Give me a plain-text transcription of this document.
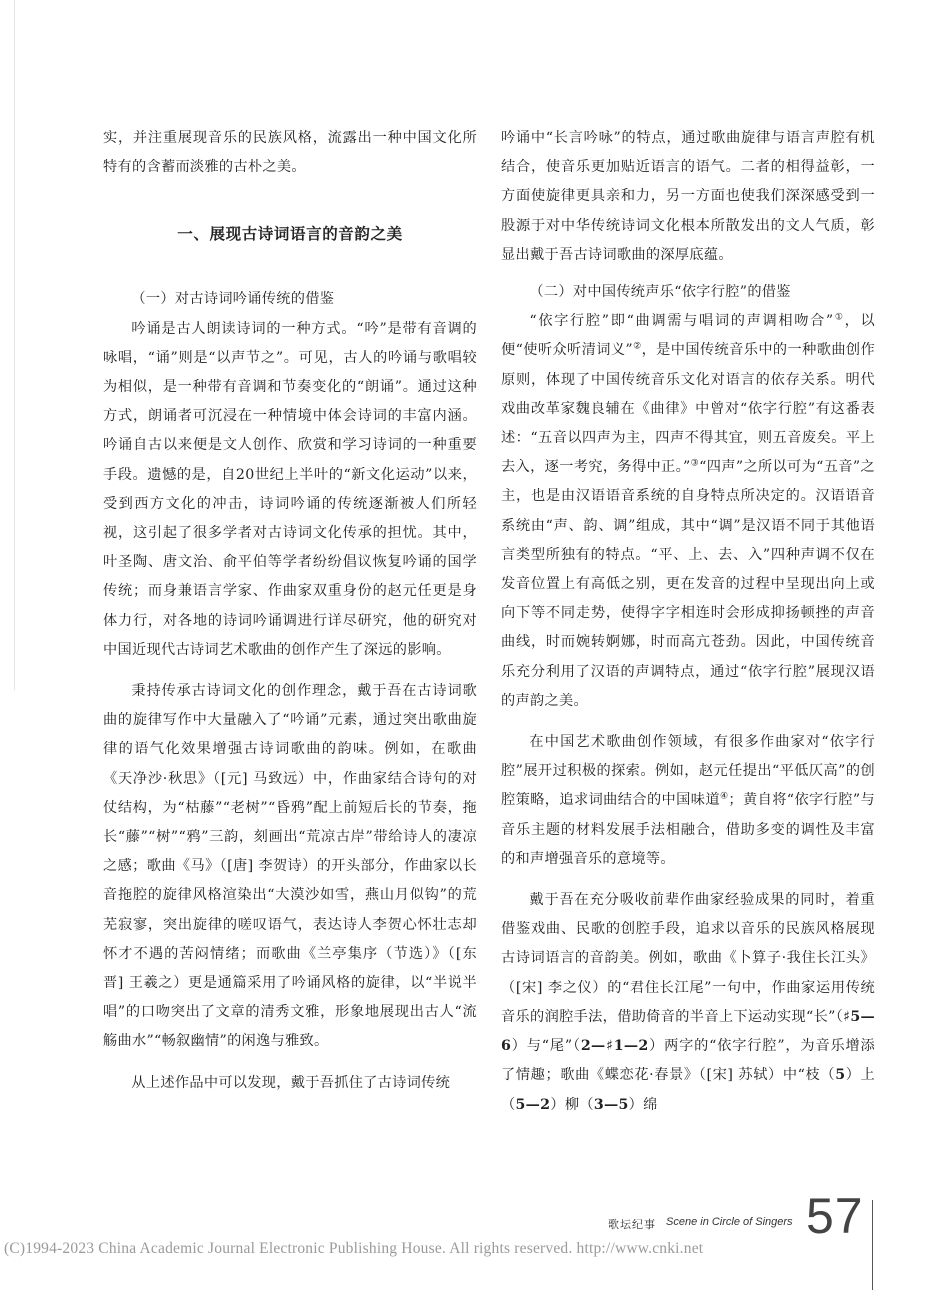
实，并注重展现音乐的民族风格，流露出一种中国文化所特有的含蓄而淡雅的古朴之美。

一、展现古诗词语言的音韵之美
（一）对古诗词吟诵传统的借鉴

吟诵是古人朗读诗词的一种方式。“吟”是带有音调的咏唱，“诵”则是“以声节之”。可见，古人的吟诵与歌唱较为相似，是一种带有音调和节奏变化的“朗诵”。通过这种方式，朗诵者可沉浸在一种情境中体会诗词的丰富内涵。吟诵自古以来便是文人创作、欣赏和学习诗词的一种重要手段。遗憾的是，自20世纪上半叶的“新文化运动”以来，受到西方文化的冲击，诗词吟诵的传统逐渐被人们所轻视，这引起了很多学者对古诗词文化传承的担忧。其中，叶圣陶、唐文治、俞平伯等学者纷纷倡议恢复吟诵的国学传统；而身兼语言学家、作曲家双重身份的赵元任更是身体力行，对各地的诗词吟诵调进行详尽研究，他的研究对中国近现代古诗词艺术歌曲的创作产生了深远的影响。

秉持传承古诗词文化的创作理念，戴于吾在古诗词歌曲的旋律写作中大量融入了“吟诵”元素，通过突出歌曲旋律的语气化效果增强古诗词歌曲的韵味。例如，在歌曲《天净沙·秋思》（[元] 马致远）中，作曲家结合诗句的对仗结构，为“枯藤”“老树”“昏鸦”配上前短后长的节奏，拖长“藤”“树”“鸦”三韵，刻画出“荒凉古岸”带给诗人的凄凉之感；歌曲《马》（[唐] 李贺诗）的开头部分，作曲家以长音拖腔的旋律风格渲染出“大漠沙如雪，燕山月似钩”的荒芜寂寥，突出旋律的嗟叹语气，表达诗人李贺心怀壮志却怀才不遇的苦闷情绪；而歌曲《兰亭集序（节选）》（[东晋] 王羲之）更是通篇采用了吟诵风格的旋律，以“半说半唱”的口吻突出了文章的清秀文雅，形象地展现出古人“流觞曲水”“畅叙幽情”的闲逸与雅致。

从上述作品中可以发现，戴于吾抓住了古诗词传统

吟诵中“长言吟咏”的特点，通过歌曲旋律与语言声腔有机结合，使音乐更加贴近语言的语气。二者的相得益彰，一方面使旋律更具亲和力，另一方面也使我们深深感受到一股源于对中华传统诗词文化根本所散发出的文人气质，彰显出戴于吾古诗词歌曲的深厚底蕴。

（二）对中国传统声乐“依字行腔”的借鉴

“依字行腔”即“曲调需与唱词的声调相吻合”①，以便“使听众听清词义”②，是中国传统音乐中的一种歌曲创作原则，体现了中国传统音乐文化对语言的依存关系。明代戏曲改革家魏良辅在《曲律》中曾对“依字行腔”有这番表述：“五音以四声为主，四声不得其宜，则五音废矣。平上去入，逐一考究，务得中正。”③“四声”之所以可为“五音”之主，也是由汉语语音系统的自身特点所决定的。汉语语音系统由“声、韵、调”组成，其中“调”是汉语不同于其他语言类型所独有的特点。“平、上、去、入”四种声调不仅在发音位置上有高低之别，更在发音的过程中呈现出向上或向下等不同走势，使得字字相连时会形成抑扬顿挫的声音曲线，时而婉转婀娜，时而高亢苍劲。因此，中国传统音乐充分利用了汉语的声调特点，通过“依字行腔”展现汉语的声韵之美。

在中国艺术歌曲创作领域，有很多作曲家对“依字行腔”展开过积极的探索。例如，赵元任提出“平低仄高”的创腔策略，追求词曲结合的中国味道④；黄自将“依字行腔”与音乐主题的材料发展手法相融合，借助多变的调性及丰富的和声增强音乐的意境等。

戴于吾在充分吸收前辈作曲家经验成果的同时，着重借鉴戏曲、民歌的创腔手段，追求以音乐的民族风格展现古诗词语言的音韵美。例如，歌曲《卜算子·我住长江头》（[宋] 李之仪）的“君住长江尾”一句中，作曲家运用传统音乐的润腔手法，借助倚音的半音上下运动实现“长”（♯5—6）与“尾”（2—♯1—2）两字的“依字行腔”，为音乐增添了情趣；歌曲《蝶恋花·春景》（[宋] 苏轼）中“枝（5）上（5—2）柳（3—5）绵

歌坛纪事 Scene in Circle of Singers 57
(C)1994-2023 China Academic Journal Electronic Publishing House. All rights reserved. http://www.cnki.net
